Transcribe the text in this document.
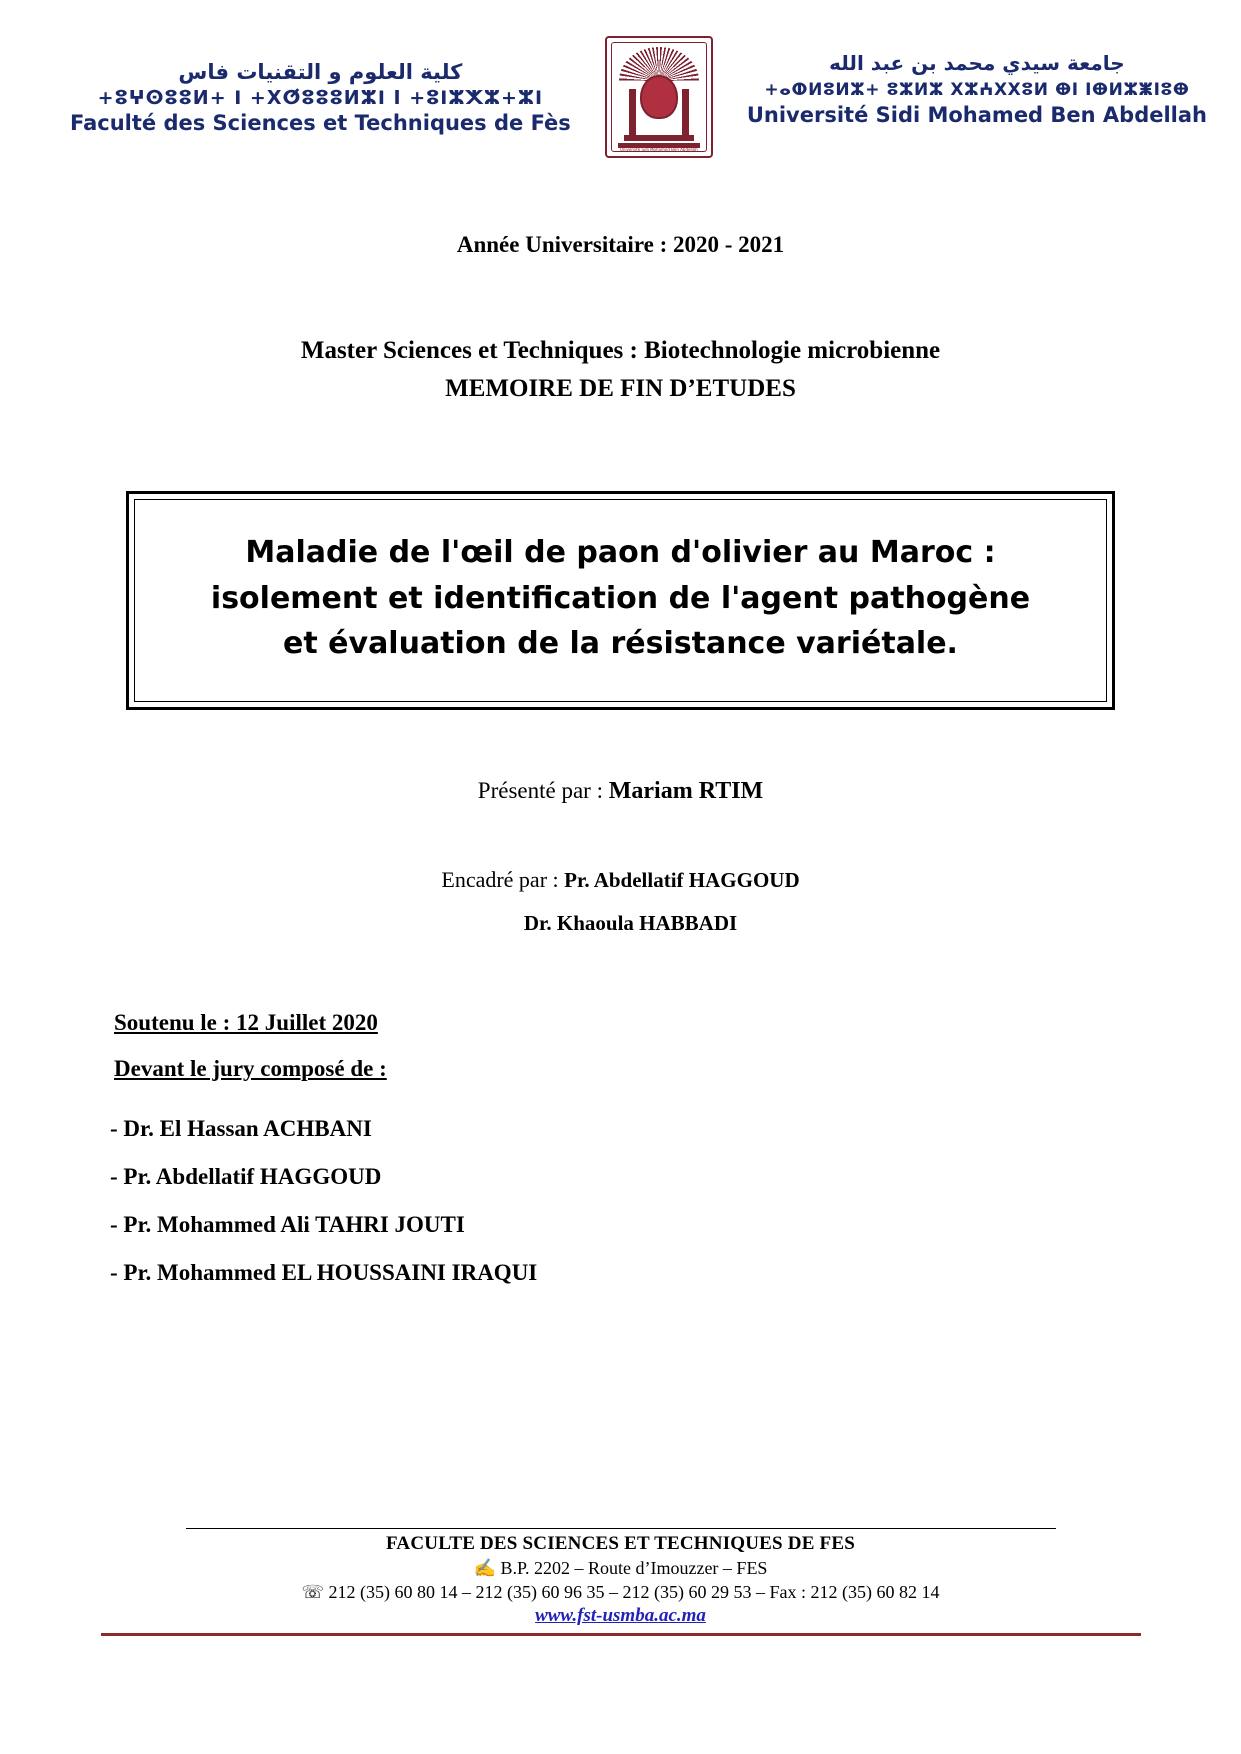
كلية العلوم و التقنيات فاس
+ⵓⵖⵙⵓⵓⵍ+ I +ⵝⵚⵓⵓⵓⵍⵣI ⵏ +ⵓIⵣⵅⵣ+ⵣI
Faculté des Sciences et Techniques de Fès
Université Sidi Mohamed Ben Abdellah
جامعة سيدي محمد بن عبد الله
+ⴰⵀⵍⵓⵍⵣ+ ⵓⵣⵍⵣ ⵝⵣⵄⵝⵝⵓⵍ ⴲI ⵏⴲⵍⵣⵥⵏⵓⴲ
Université Sidi Mohamed Ben Abdellah
Année Universitaire : 2020 - 2021
Master Sciences et Techniques : Biotechnologie microbienne
MEMOIRE DE FIN D’ETUDES

Maladie de l'œil de paon d'olivier au Maroc :

isolement et identification de l'agent pathogène

et évaluation de la résistance variétale.

Présenté par : Mariam RTIM
Encadré par : Pr. Abdellatif HAGGOUD
Dr. Khaoula HABBADI
Soutenu le : 12 Juillet 2020
Devant le jury composé de :
- Dr. El Hassan ACHBANI
- Pr. Abdellatif HAGGOUD
- Pr. Mohammed Ali TAHRI JOUTI
- Pr. Mohammed EL HOUSSAINI IRAQUI
FACULTE DES SCIENCES ET TECHNIQUES DE FES
✍ B.P. 2202 – Route d’Imouzzer – FES
☏ 212 (35) 60 80 14 – 212 (35) 60 96 35 – 212 (35) 60 29 53 – Fax : 212 (35) 60 82 14
www.fst-usmba.ac.ma
